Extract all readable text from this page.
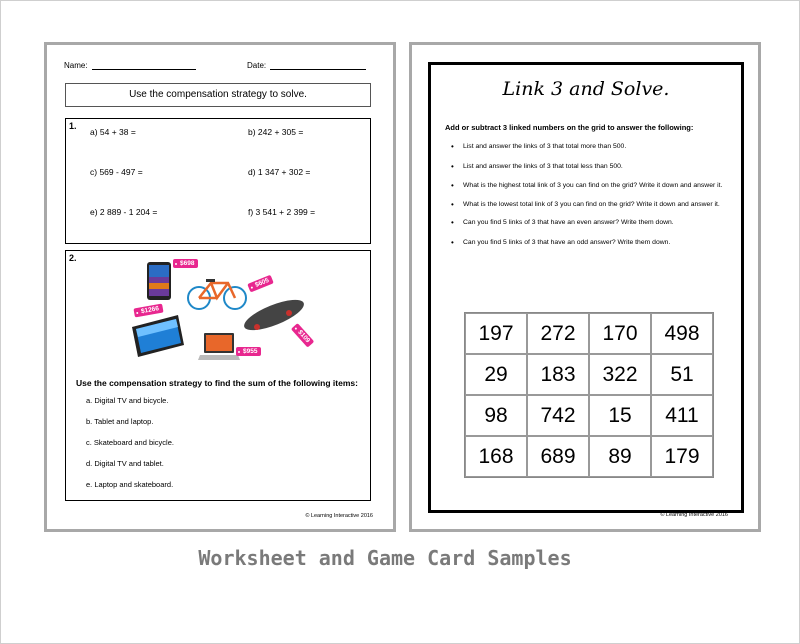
Name:	Date:
Use the compensation strategy to solve.
1.
a) 54 + 38 =	b) 242 + 305 =
c) 569 - 497 =	d) 1 347 + 302 =
e) 2 889 - 1 204 =	f) 3 541 + 2 399 =
2.
$698
$605
$1266
$955
$109
Use the compensation strategy to find the sum of the following items:
a. Digital TV and bicycle.
b. Tablet and laptop.
c. Skateboard and bicycle.
d. Digital TV and tablet.
e. Laptop and skateboard.
© Learning Interactive 2016
Link 3 and Solve.
Add or subtract 3 linked numbers on the grid to answer the following:
• List and answer the links of 3 that total more than 500.
• List and answer the links of 3 that total less than 500.
• What is the highest total link of 3 you can find on the grid? Write it down and answer it.
• What is the lowest total link of 3 you can find on the grid? Write it down and answer it.
• Can you find 5 links of 3 that have an even answer? Write them down.
• Can you find 5 links of 3 that have an odd answer? Write them down.
197	272	170	498
29	183	322	51
98	742	15	411
168	689	89	179
© Learning Interactive 2016
Worksheet and Game Card Samples
